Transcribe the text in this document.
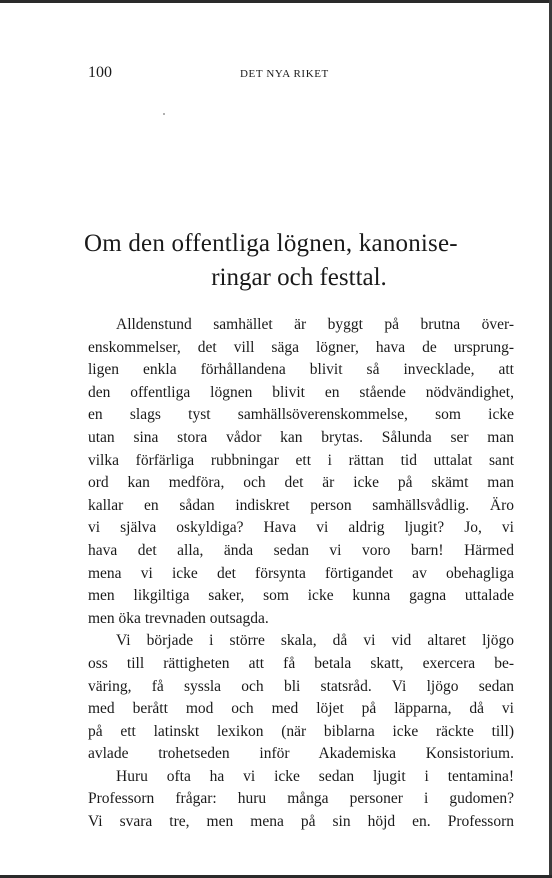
100	DET NYA RIKET
Om den offentliga lögnen, kanonise-
ringar och festtal.
Alldenstund samhället är byggt på brutna över-
enskommelser, det vill säga lögner, hava de ursprung-
ligen enkla förhållandena blivit så invecklade, att
den offentliga lögnen blivit en stående nödvändighet,
en slags tyst samhällsöverenskommelse, som icke
utan sina stora vådor kan brytas. Sålunda ser man
vilka förfärliga rubbningar ett i rättan tid uttalat sant
ord kan medföra, och det är icke på skämt man
kallar en sådan indiskret person samhällsvådlig. Äro
vi själva oskyldiga? Hava vi aldrig ljugit? Jo, vi
hava det alla, ända sedan vi voro barn! Härmed
mena vi icke det försynta förtigandet av obehagliga
men likgiltiga saker, som icke kunna gagna uttalade
men öka trevnaden outsagda.
Vi började i större skala, då vi vid altaret ljögo
oss till rättigheten att få betala skatt, exercera be-
väring, få syssla och bli statsråd. Vi ljögo sedan
med berått mod och med löjet på läpparna, då vi
på ett latinskt lexikon (när biblarna icke räckte till)
avlade trohetseden inför Akademiska Konsistorium.
Huru ofta ha vi icke sedan ljugit i tentamina!
Professorn frågar: huru många personer i gudomen?
Vi svara tre, men mena på sin höjd en. Professorn
